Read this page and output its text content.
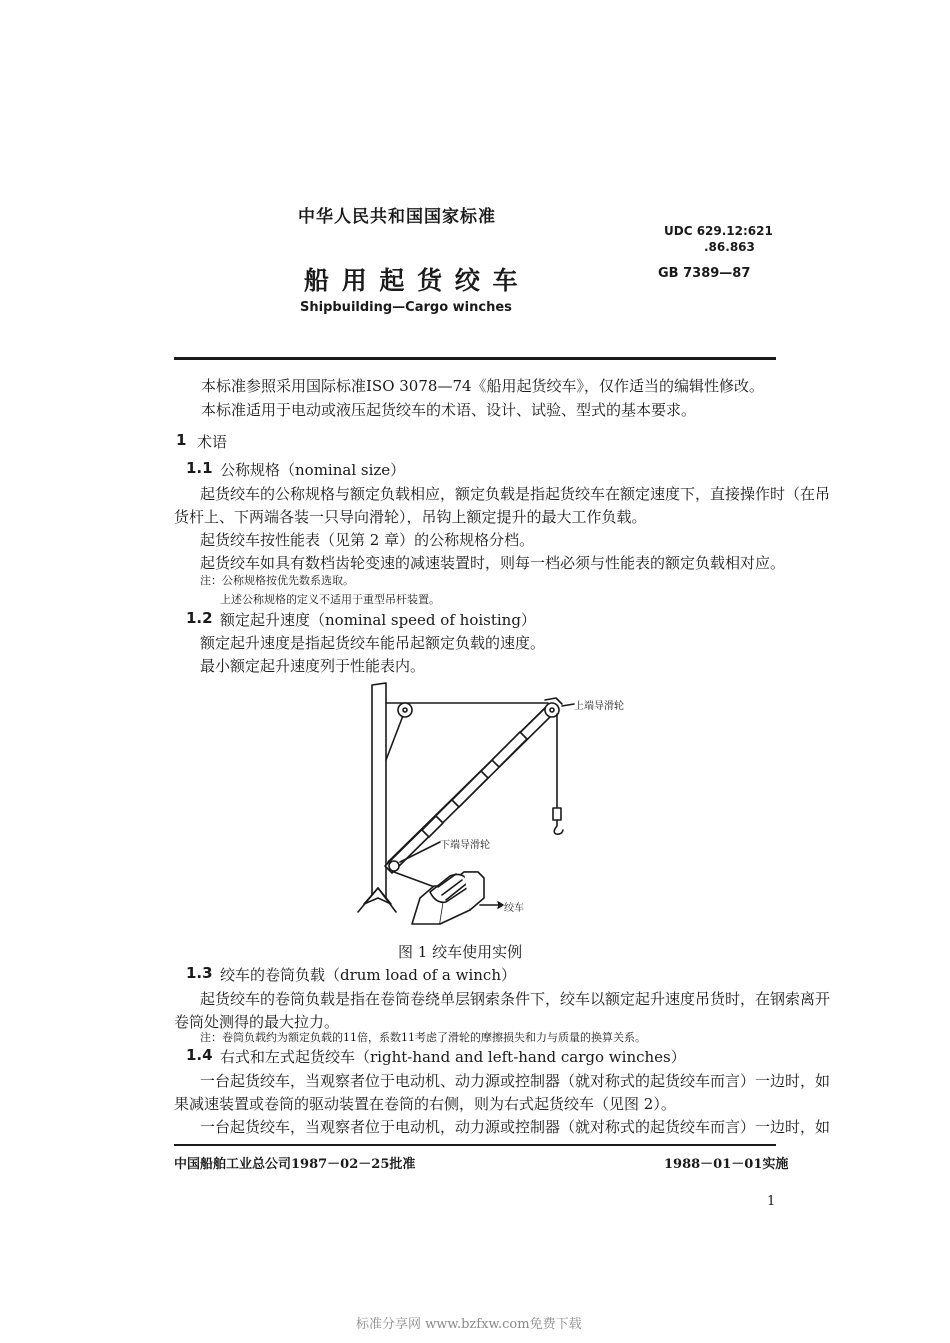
中华人民共和国国家标准
UDC 629.12:621
.86.863
船 用 起 货 绞 车	GB 7389—87
Shipbuilding—Cargo winches
本标准参照采用国际标准ISO 3078—74《船用起货绞车》，仅作适当的编辑性修改。
本标准适用于电动或液压起货绞车的术语、设计、试验、型式的基本要求。
1 术语
1.1 公称规格（nominal size）
起货绞车的公称规格与额定负载相应，额定负载是指起货绞车在额定速度下，直接操作时（在吊
货杆上、下两端各装一只导向滑轮），吊钩上额定提升的最大工作负载。
起货绞车按性能表（见第 2 章）的公称规格分档。
起货绞车如具有数档齿轮变速的减速装置时，则每一档必须与性能表的额定负载相对应。
注：公称规格按优先数系选取。
上述公称规格的定义不适用于重型吊杆装置。
1.2 额定起升速度（nominal speed of hoisting）
额定起升速度是指起货绞车能吊起额定负载的速度。
最小额定起升速度列于性能表内。
上端导滑轮
下端导滑轮
绞车
图 1 绞车使用实例
1.3 绞车的卷筒负载（drum load of a winch）
起货绞车的卷筒负载是指在卷筒卷绕单层钢索条件下，绞车以额定起升速度吊货时，在钢索离开
卷筒处测得的最大拉力。
注：卷筒负载约为额定负载的11倍，系数11考虑了滑轮的摩擦损失和力与质量的换算关系。
1.4 右式和左式起货绞车（right-hand and left-hand cargo winches）
一台起货绞车，当观察者位于电动机、动力源或控制器（就对称式的起货绞车而言）一边时，如
果减速装置或卷筒的驱动装置在卷筒的右侧，则为右式起货绞车（见图 2）。
一台起货绞车，当观察者位于电动机，动力源或控制器（就对称式的起货绞车而言）一边时，如
中国船舶工业总公司1987－02－25批准	1988－01－01实施
1
标准分享网 www.bzfxw.com免费下载
